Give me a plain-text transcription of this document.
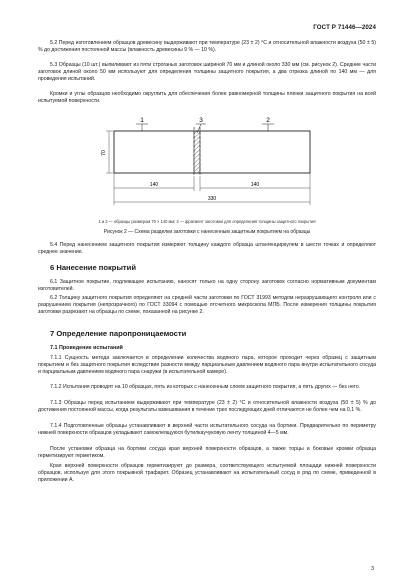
ГОСТ Р 71446—2024

5.2 Перед изготовлением образцов древесину выдерживают при температуре (23 ± 2) °С и относительной влажности воздуха (50 ± 5) % до достижения постоянной массы (влажность древесины 9 % — 10 %).

5.3 Образцы (10 шт.) выпиливают из пяти строганых заготовок шириной 70 мм и длиной около 330 мм (см. рисунок 2). Средние части заготовок длиной около 50 мм используют для определения толщины защитного покрытия, а два отрезка длиной по 140 мм — для проведения испытаний.

Кромки и углы образцов необходимо округлить для обеспечения более равномерной толщины пленки защитного покрытия на всей испытуемой поверхности.

1	3	2
70
140	140
330

1 и 2 — образцы размером 70 × 140 мм; 3 — фрагмент заготовки для определения толщины защитного покрытия

Рисунок 2 — Схема разделки заготовки с нанесенным защитным покрытием на образцы

5.4 Перед нанесением защитного покрытия измеряют толщину каждого образца штангенциркулем в шести точках и определяют среднее значение.

6 Нанесение покрытий

6.1 Защитное покрытие, подлежащее испытанию, наносят только на одну сторону заготовок согласно нормативным документам изготовителей.

6.2 Толщину защитного покрытия определяют на средней части заготовки по ГОСТ 31993 методом неразрушающего контроля или с разрушением покрытия (непрозрачного) по ГОСТ 33094 с помощью отсчетного микроскопа МПБ. После измерения толщины покрытия заготовки разрезают на образцы по схеме, показанной на рисунке 2.

7 Определение паропроницаемости
7.1 Проведение испытаний

7.1.1 Сущность метода заключается в определении количества водяного пара, которое проходит через образец с защитным покрытием и без защитного покрытия вследствие разности между парциальным давлением водяного пара внутри испытательного сосуда и парциальным давлением водяного пара снаружи (в испытательной камере).

7.1.2 Испытания проводят на 10 образцах, пять из которых с нанесенным слоем защитного покрытия, а пять других — без него.

7.1.3 Образцы перед испытанием выдерживают при температуре (23 ± 2) °С и относительной влажности воздуха (50 ± 5) % до достижения постоянной массы, когда результаты взвешивания в течение трех последующих дней отличаются не более чем на 0,1 %.

7.1.4 Подготовленные образцы устанавливают в верхней части испытательного сосуда на бортики. Предварительно по периметру нижней поверхности образцов укладывают самоклеящуюся бутилкаучуковую ленту толщиной 4—5 мм.

После установки образца на бортики сосуда края верхней поверхности образцов, а также торцы и боковые кромки образца герметизируют герметиком.

Края верхней поверхности образцов герметизируют до размера, соответствующего испытуемой площади нижней поверхности образцов, используя для этого покрывной трафарет. Образец устанавливают на испытательный сосуд в ряд по схеме, приведенной в приложении А.

3
